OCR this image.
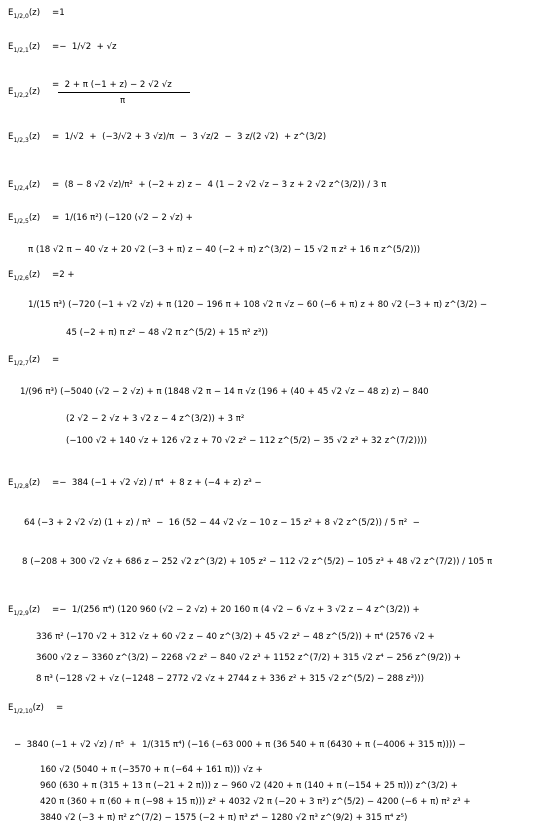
$E_{1/2,0}(z) =1$
$E_{1/2,1}(z) =- 1/√2 + √z$
$E_{1/2,2}(z)$
=  2 + π (−1 + z) − 2 √2 √z
π
$E_{1/2,3}(z) = 1/√2 + (-3/√2 + 3$ √z)/π  −  3 √z/2  −  3 z/(2 √2)  + z^(3/2)
$E_{1/2,4}(z) = (8 - 8$ √2 √z)/π²  + (−2 + z) z −  4 (1 − 2 √2 √z − 3 z + 2 √2 z^(3/2)) / 3 π
$E_{1/2,5}(z) = 1/(16$ π²) (−120 (√2 − 2 √z) +
π (18 √2 π − 40 √z + 20 √2 (−3 + π) z − 40 (−2 + π) z^(3/2) − 15 √2 π z² + 16 π z^(5/2)))
$E_{1/2,6}(z) =2$ +
1/(15 π³) (−720 (−1 + √2 √z) + π (120 − 196 π + 108 √2 π √z − 60 (−6 + π) z + 80 √2 (−3 + π) z^(3/2) −
45 (−2 + π) π z² − 48 √2 π z^(5/2) + 15 π² z³))
$E_{1/2,7}(z)$ =
1/(96 π³) (−5040 (√2 − 2 √z) + π (1848 √2 π − 14 π √z (196 + (40 + 45 √2 √z − 48 z) z) − 840
(2 √2 − 2 √z + 3 √2 z − 4 z^(3/2)) + 3 π²
(−100 √2 + 140 √z + 126 √2 z + 70 √2 z² − 112 z^(5/2) − 35 √2 z³ + 32 z^(7/2))))
$E_{1/2,8}(z) =- 384$ (−1 + √2 √z) / π⁴  + 8 z + (−4 + z) z³ −
64 (−3 + 2 √2 √z) (1 + z) / π³  −  16 (52 − 44 √2 √z − 10 z − 15 z² + 8 √2 z^(5/2)) / 5 π²  −
8 (−208 + 300 √2 √z + 686 z − 252 √2 z^(3/2) + 105 z² − 112 √2 z^(5/2) − 105 z³ + 48 √2 z^(7/2)) / 105 π
$E_{1/2,9}(z) =- 1/(256$ π⁴) (120 960 (√2 − 2 √z) + 20 160 π (4 √2 − 6 √z + 3 √2 z − 4 z^(3/2)) +
336 π² (−170 √2 + 312 √z + 60 √2 z − 40 z^(3/2) + 45 √2 z² − 48 z^(5/2)) + π⁴ (2576 √2 +
3600 √2 z − 3360 z^(3/2) − 2268 √2 z² − 840 √2 z³ + 1152 z^(7/2) + 315 √2 z⁴ − 256 z^(9/2)) +
8 π³ (−128 √2 + √z (−1248 − 2772 √2 √z + 2744 z + 336 z² + 315 √2 z^(5/2) − 288 z³)))
$E_{1/2,10}(z)$ =
−  3840 (−1 + √2 √z) / π⁵  +  1/(315 π⁴) (−16 (−63 000 + π (36 540 + π (6430 + π (−4006 + 315 π)))) −
160 √2 (5040 + π (−3570 + π (−64 + 161 π))) √z +
960 (630 + π (315 + 13 π (−21 + 2 π))) z − 960 √2 (420 + π (140 + π (−154 + 25 π))) z^(3/2) +
420 π (360 + π (60 + π (−98 + 15 π))) z² + 4032 √2 π (−20 + 3 π²) z^(5/2) − 4200 (−6 + π) π² z³ +
3840 √2 (−3 + π) π² z^(7/2) − 1575 (−2 + π) π³ z⁴ − 1280 √2 π³ z^(9/2) + 315 π⁴ z⁵)
